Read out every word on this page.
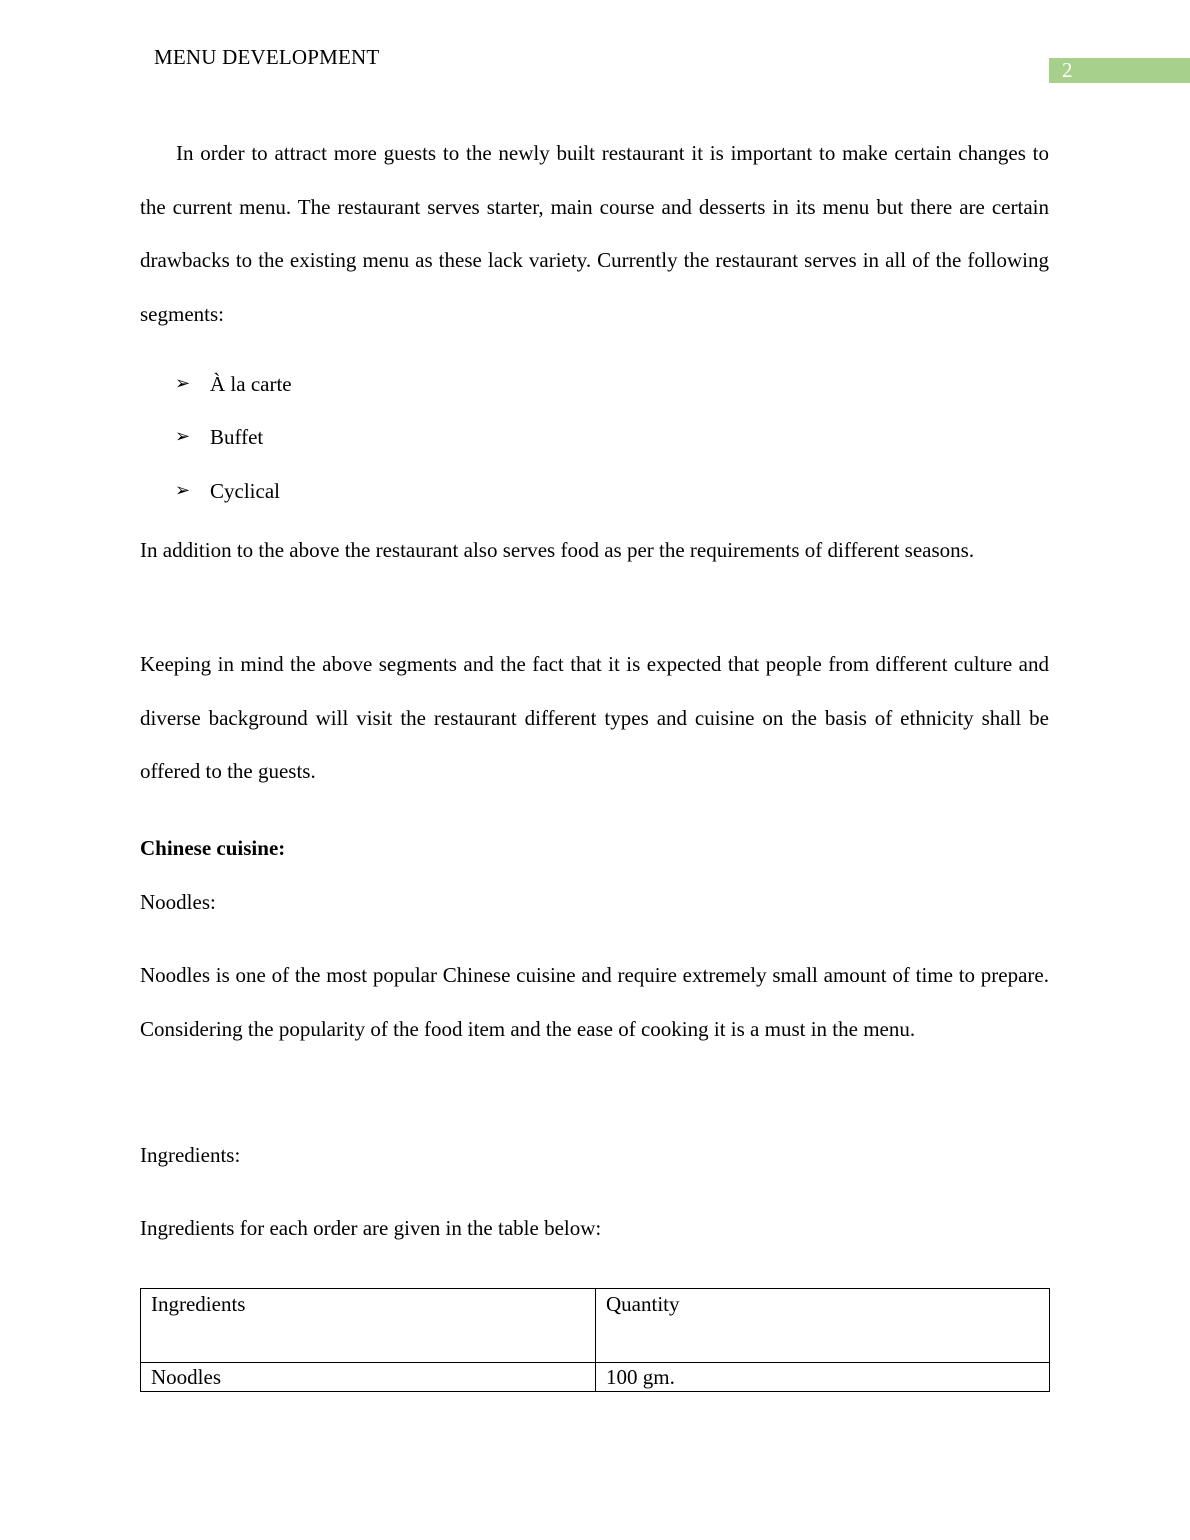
MENU DEVELOPMENT
2

In order to attract more guests to the newly built restaurant it is important to make certain changes to the current menu. The restaurant serves starter, main course and desserts in its menu but there are certain drawbacks to the existing menu as these lack variety. Currently the restaurant serves in all of the following segments:

➢ À la carte
➢ Buffet
➢ Cyclical

In addition to the above the restaurant also serves food as per the requirements of different seasons.

Keeping in mind the above segments and the fact that it is expected that people from different culture and diverse background will visit the restaurant different types and cuisine on the basis of ethnicity shall be offered to the guests.

Chinese cuisine:

Noodles:

Noodles is one of the most popular Chinese cuisine and require extremely small amount of time to prepare. Considering the popularity of the food item and the ease of cooking it is a must in the menu.

Ingredients:

Ingredients for each order are given in the table below:

Ingredients	Quantity
Noodles	100 gm.
